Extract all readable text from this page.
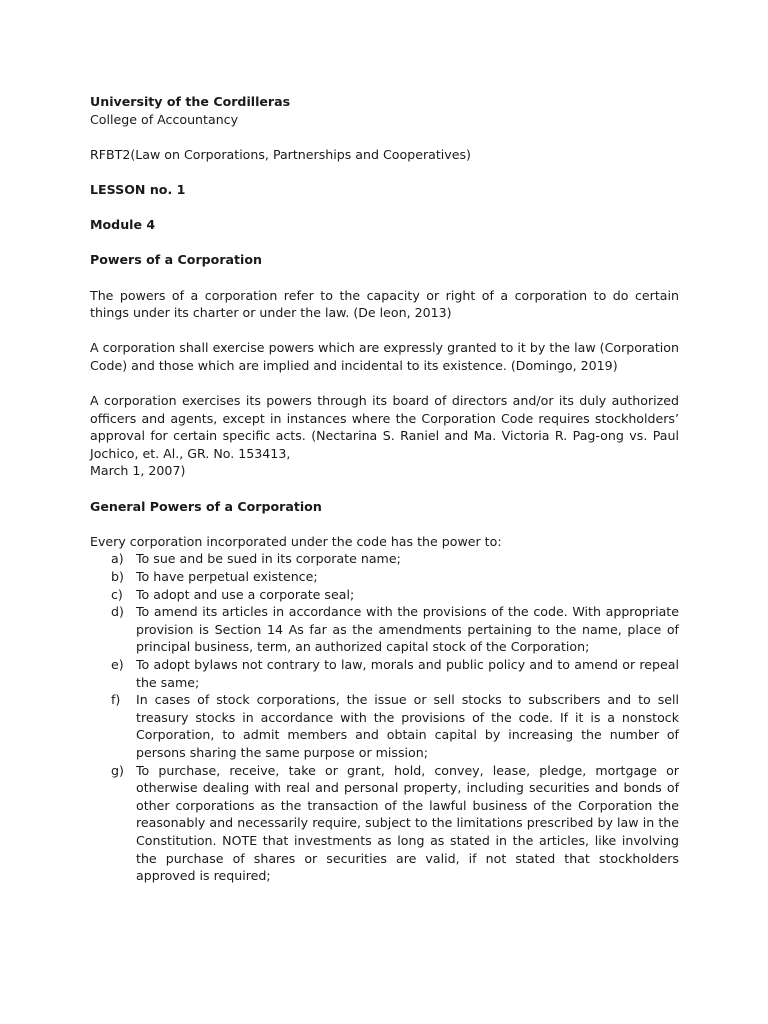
University of the Cordilleras
College of Accountancy
RFBT2(Law on Corporations, Partnerships and Cooperatives)
LESSON no. 1
Module 4
Powers of a Corporation

The powers of a corporation refer to the capacity or right of a corporation to do certain things under its charter or under the law. (De leon, 2013)

A corporation shall exercise powers which are expressly granted to it by the law (Corporation Code) and those which are implied and incidental to its existence. (Domingo, 2019)

A corporation exercises its powers through its board of directors and/or its duly authorized officers and agents, except in instances where the Corporation Code requires stockholders’ approval for certain specific acts. (Nectarina S. Raniel and Ma. Victoria R. Pag-ong vs. Paul Jochico, et. Al., GR. No. 153413,

March 1, 2007)
General Powers of a Corporation
Every corporation incorporated under the code has the power to:
a) To sue and be sued in its corporate name;
b) To have perpetual existence;
c)	To adopt and use a corporate seal;
d) To amend its articles in accordance with the provisions of the code. With appropriate provision is Section 14 As far as the amendments pertaining to the name, place of principal business, term, an authorized capital stock of the Corporation;
e) To adopt bylaws not contrary to law, morals and public policy and to amend or repeal the same;
f)	In cases of stock corporations, the issue or sell stocks to subscribers and to sell treasury stocks in accordance with the provisions of the code. If it is a nonstock Corporation, to admit members and obtain capital by increasing the number of persons sharing the same purpose or mission;
g) To purchase, receive, take or grant, hold, convey, lease, pledge, mortgage or otherwise dealing with real and personal property, including securities and bonds of other corporations as the transaction of the lawful business of the Corporation the reasonably and necessarily require, subject to the limitations prescribed by law in the Constitution. NOTE that investments as long as stated in the articles, like involving the purchase of shares or securities are valid, if not stated that stockholders approved is required;
